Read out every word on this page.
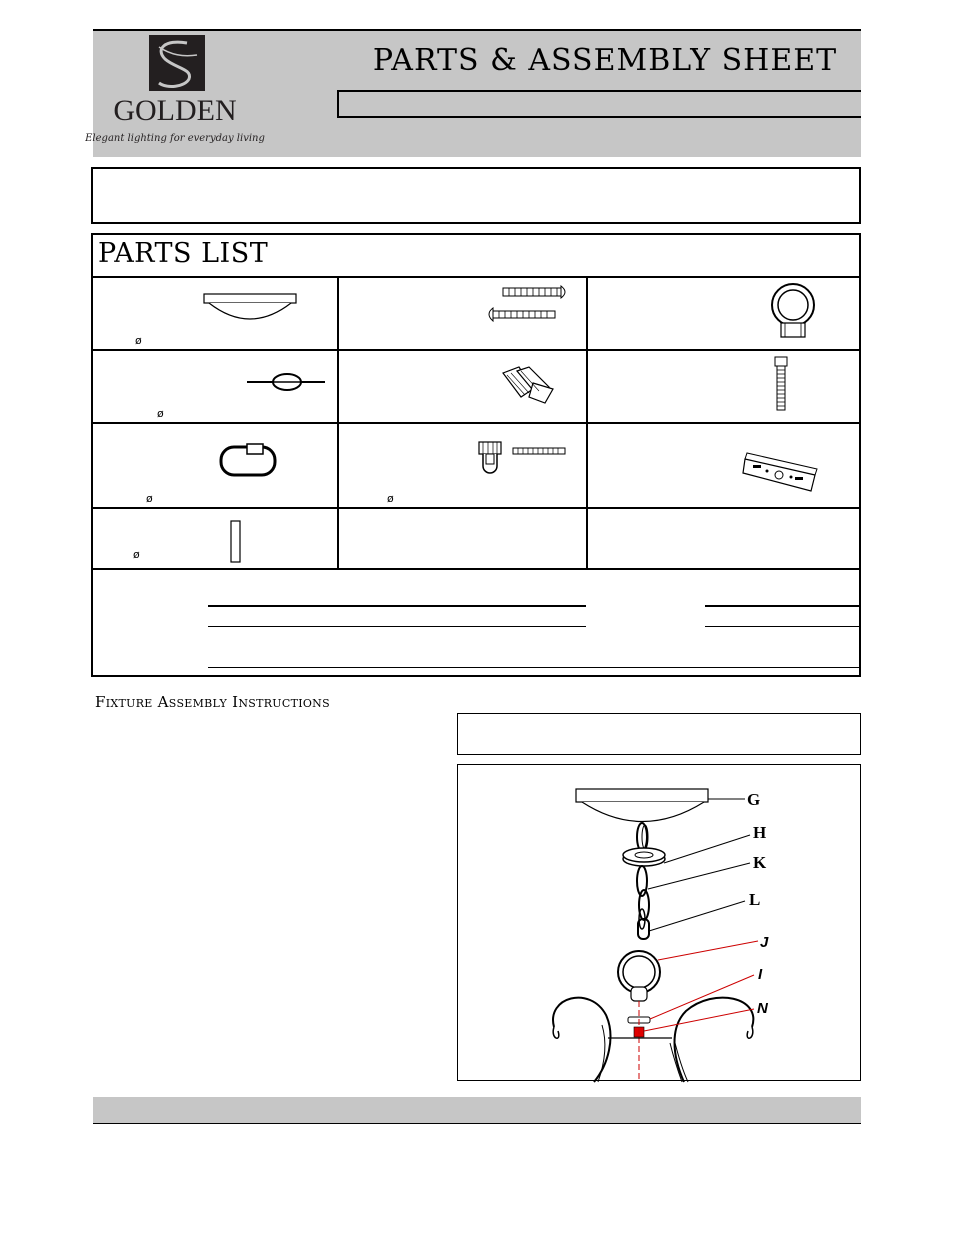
GOLDEN
Elegant lighting for everyday living
PARTS & ASSEMBLY SHEET
PARTS LIST
ø
ø
ø	ø
ø
Fixture Assembly Instructions
G
H
K
L
J
I
N
